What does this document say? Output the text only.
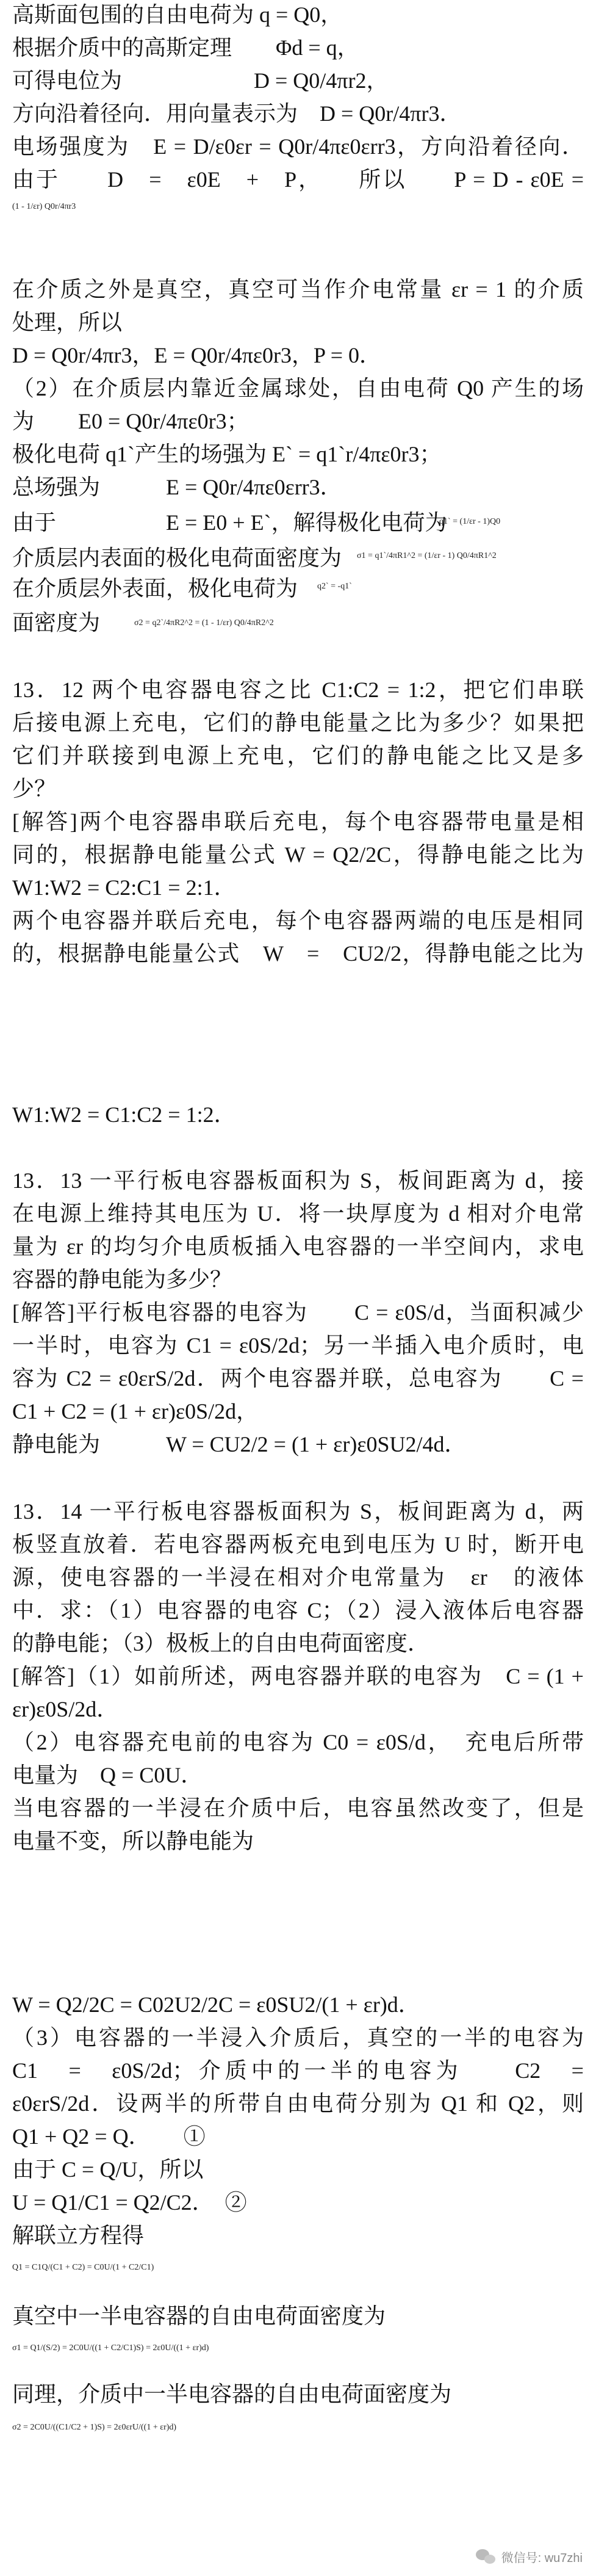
高斯面包围的自由电荷为 q = Q0，
根据介质中的高斯定理　　Φd = q，
可得电位为　　　　　　D = Q0/4πr2，
方向沿着径向．用向量表示为　D = Q0r/4πr3．
电场强度为　E = D/ε0εr = Q0r/4πε0εrr3，方向沿着径向．
由于　　D　=　ε0E　+　P，　　所以　　P = D - ε0E =
(1 - 1/εr) Q0r/4πr3
在介质之外是真空，真空可当作介电常量 εr = 1 的介质
处理，所以
D = Q0r/4πr3，E = Q0r/4πε0r3，P = 0．
（2）在介质层内靠近金属球处，自由电荷 Q0 产生的场
为　　E0 = Q0r/4πε0r3；
极化电荷 q1`产生的场强为 E` = q1`r/4πε0r3；
总场强为　　　E = Q0r/4πε0εrr3．
由于　　　　　E = E0 + E`，解得极化电荷为
q1` = (1/εr - 1)Q0
介质层内表面的极化电荷面密度为	σ1 = q1`/4πR1^2 = (1/εr - 1) Q0/4πR1^2
在介质层外表面，极化电荷为	q2` = -q1`
面密度为	σ2 = q2`/4πR2^2 = (1 - 1/εr) Q0/4πR2^2
13．12 两个电容器电容之比 C1:C2 = 1:2，把它们串联
后接电源上充电，它们的静电能量之比为多少？如果把
它们并联接到电源上充电，它们的静电能之比又是多
少？
[解答]两个电容器串联后充电，每个电容器带电量是相
同的，根据静电能量公式 W = Q2/2C，得静电能之比为
W1:W2 = C2:C1 = 2:1．
两个电容器并联后充电，每个电容器两端的电压是相同
的，根据静电能量公式　W　=　CU2/2，得静电能之比为
W1:W2 = C1:C2 = 1:2．
13．13 一平行板电容器板面积为 S，板间距离为 d，接
在电源上维持其电压为 U．将一块厚度为 d 相对介电常
量为 εr 的均匀介电质板插入电容器的一半空间内，求电
容器的静电能为多少？
[解答]平行板电容器的电容为　　C = ε0S/d，当面积减少
一半时，电容为 C1 = ε0S/2d；另一半插入电介质时，电
容为 C2 = ε0εrS/2d．两个电容器并联，总电容为　　C =
C1 + C2 = (1 + εr)ε0S/2d，
静电能为　　　W = CU2/2 = (1 + εr)ε0SU2/4d．
13．14 一平行板电容器板面积为 S，板间距离为 d，两
板竖直放着．若电容器两板充电到电压为 U 时，断开电
源，使电容器的一半浸在相对介电常量为　εr　的液体
中．求：（1）电容器的电容 C；（2）浸入液体后电容器
的静电能；（3）极板上的自由电荷面密度．
[解答]（1）如前所述，两电容器并联的电容为　C = (1 +
εr)ε0S/2d．
（2）电容器充电前的电容为 C0 = ε0S/d，　充电后所带
电量为　Q = C0U．
当电容器的一半浸在介质中后，电容虽然改变了，但是
电量不变，所以静电能为
W = Q2/2C = C02U2/2C = ε0SU2/(1 + εr)d．
（3）电容器的一半浸入介质后，真空的一半的电容为
C1　=　ε0S/2d；介质中的一半的电容为　　C2　=
ε0εrS/2d．设两半的所带自由电荷分别为 Q1 和 Q2，则
Q1 + Q2 = Q．　　①
由于 C = Q/U，所以
U = Q1/C1 = Q2/C2．　②
解联立方程得
Q1 = C1Q/(C1 + C2) = C0U/(1 + C2/C1)
真空中一半电容器的自由电荷面密度为
σ1 = Q1/(S/2) = 2C0U/((1 + C2/C1)S) = 2ε0U/((1 + εr)d)
同理，介质中一半电容器的自由电荷面密度为
σ2 = 2C0U/((C1/C2 + 1)S) = 2ε0εrU/((1 + εr)d)
微信号: wu7zhi
